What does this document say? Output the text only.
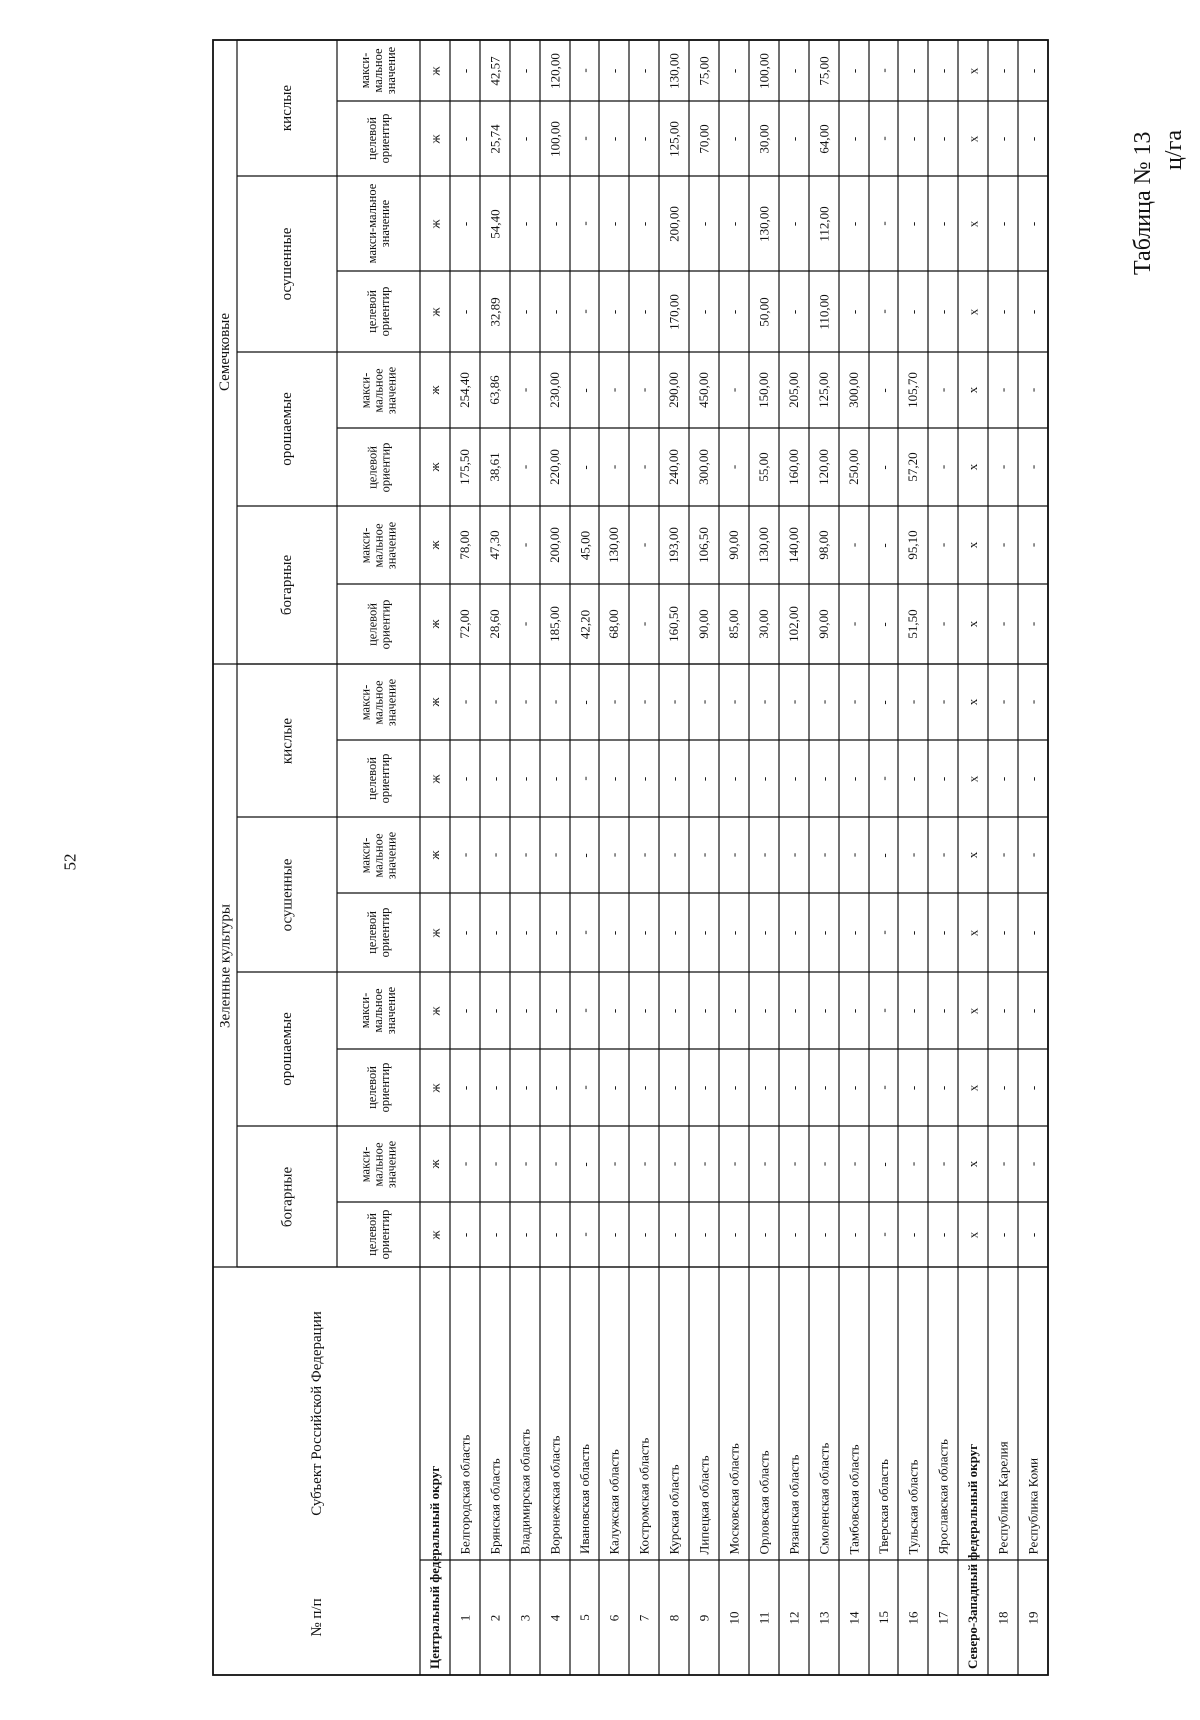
52
Таблица № 13 ц/га
Семечковые
Зеленные культуры
кислые
осушенные
орошаемые
богарные
кислые
осушенные
орошаемые
богарные
макси-мальное значение
целевой ориентир
макси-мальное значение
целевой ориентир
макси-мальное значение
целевой ориентир
макси-мальное значение
целевой ориентир
макси-мальное значение
целевой ориентир
макси-мальное значение
целевой ориентир
макси-мальное значение
целевой ориентир
макси-мальное значение
целевой ориентир
Субъект Российской Федерации
№ п/п	Центральный федеральный округ
ж
ж
ж
ж
ж
ж
ж
ж
ж
ж
ж
ж
ж
ж
ж
ж
1
Белгородская область
-
-
-
-
-
-
-
-
72,00
78,00
175,50
254,40
-
-
-
-
2
Брянская область
-
-
-
-
-
-
-
-
28,60
47,30
38,61
63,86
32,89
54,40
25,74
42,57
3
Владимирская область
-
-
-
-
-
-
-
-
-
-
-
-
-
-
-
-
4
Воронежская область
-
-
-
-
-
-
-
-
185,00
200,00
220,00
230,00
-
-
100,00
120,00
5
Ивановская область
-
-
-
-
-
-
-
-
42,20
45,00
-
-
-
-
-
-
6
Калужская область
-
-
-
-
-
-
-
-
68,00
130,00
-
-
-
-
-
-
7
Костромская область
-
-
-
-
-
-
-
-
-
-
-
-
-
-
-
-
8
Курская область
-
-
-
-
-
-
-
-
160,50
193,00
240,00
290,00
170,00
200,00
125,00
130,00
9
Липецкая область
-
-
-
-
-
-
-
-
90,00
106,50
300,00
450,00
-
-
70,00
75,00
10
Московская область
-
-
-
-
-
-
-
-
85,00
90,00
-
-
-
-
-
-
11
Орловская область
-
-
-
-
-
-
-
-
30,00
130,00
55,00
150,00
50,00
130,00
30,00
100,00
12
Рязанская область
-
-
-
-
-
-
-
-
102,00
140,00
160,00
205,00
-
-
-
-
13
Смоленская область
-
-
-
-
-
-
-
-
90,00
98,00
120,00
125,00
110,00
112,00
64,00
75,00
14
Тамбовская область
-
-
-
-
-
-
-
-
-
-
250,00
300,00
-
-
-
-
15
Тверская область
-
-
-
-
-
-
-
-
-
-
-
-
-
-
-
-
16
Тульская область
-
-
-
-
-
-
-
-
51,50
95,10
57,20
105,70
-
-
-
-
17
Ярославская область
-
-
-
-
-
-
-
-
-
-
-
-
-
-
-
-
Северо-Западный федеральный округ
х
х
х
х
х
х
х
х
х
х
х
х
х
х
х
х
18
Республика Карелия
-
-
-
-
-
-
-
-
-
-
-
-
-
-
-
-
19
Республика Коми
-
-
-
-
-
-
-
-
-
-
-
-
-
-
-
-
